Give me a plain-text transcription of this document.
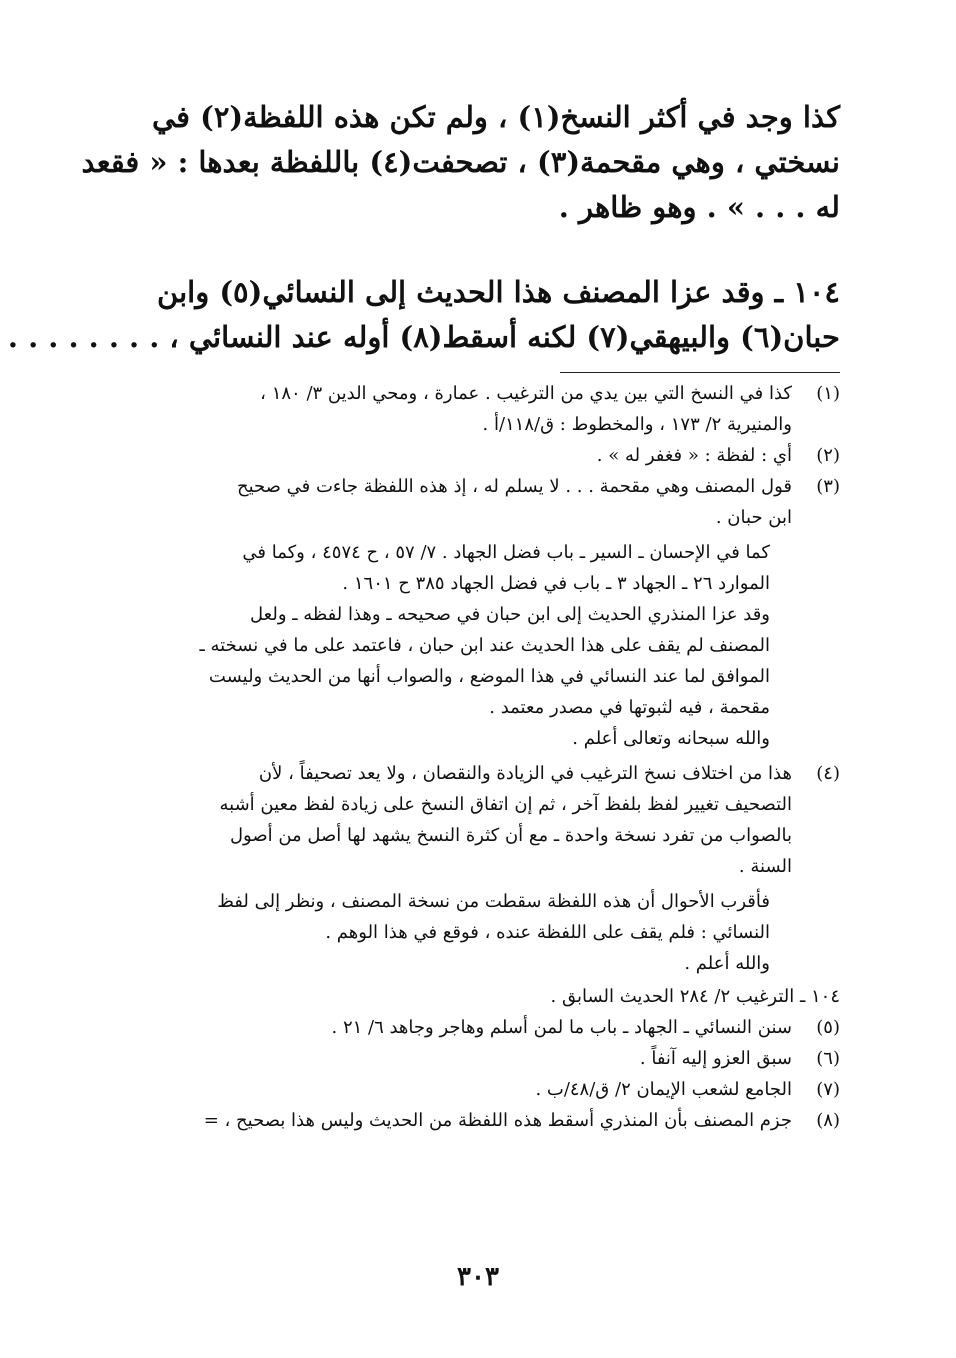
كذا وجد في أكثر النسخ(١) ، ولم تكن هذه اللفظة(٢) في
نسختي ، وهي مقحمة(٣) ، تصحفت(٤) باللفظة بعدها : « فقعد
له . . . » . وهو ظاهر .
١٠٤ ـ وقد عزا المصنف هذا الحديث إلى النسائي(٥) وابن
حبان(٦) والبيهقي(٧) لكنه أسقط(٨) أوله عند النسائي ، . . . . . . . .
(١)
كذا في النسخ التي بين يدي من الترغيب . عمارة ، ومحي الدين ٣/ ١٨٠ ،
والمنيرية ٢/ ١٧٣ ، والمخطوط : ق/١١٨/أ .
(٢)
أي : لفظة : « فغفر له » .
(٣)
قول المصنف وهي مقحمة . . . لا يسلم له ، إذ هذه اللفظة جاءت في صحيح
ابن حبان .
كما في الإحسان ـ السير ـ باب فضل الجهاد . ٧/ ٥٧ ، ح ٤٥٧٤ ، وكما في
الموارد ٢٦ ـ الجهاد ٣ ـ باب في فضل الجهاد ٣٨٥ ح ١٦٠١ .
وقد عزا المنذري الحديث إلى ابن حبان في صحيحه ـ وهذا لفظه ـ ولعل
المصنف لم يقف على هذا الحديث عند ابن حبان ، فاعتمد على ما في نسخته ـ
الموافق لما عند النسائي في هذا الموضع ، والصواب أنها من الحديث وليست
مقحمة ، فيه لثبوتها في مصدر معتمد .
والله سبحانه وتعالى أعلم .
(٤)
هذا من اختلاف نسخ الترغيب في الزيادة والنقصان ، ولا يعد تصحيفاً ، لأن
التصحيف تغيير لفظ بلفظ آخر ، ثم إن اتفاق النسخ على زيادة لفظ معين أشبه
بالصواب من تفرد نسخة واحدة ـ مع أن كثرة النسخ يشهد لها أصل من أصول
السنة .
فأقرب الأحوال أن هذه اللفظة سقطت من نسخة المصنف ، ونظر إلى لفظ
النسائي : فلم يقف على اللفظة عنده ، فوقع في هذا الوهم .
والله أعلم .
١٠٤ ـ الترغيب ٢/ ٢٨٤ الحديث السابق .
(٥)
سنن النسائي ـ الجهاد ـ باب ما لمن أسلم وهاجر وجاهد ٦/ ٢١ .
(٦)
سبق العزو إليه آنفاً .
(٧)
الجامع لشعب الإيمان ٢/ ق/٤٨/ب .
(٨)
جزم المصنف بأن المنذري أسقط هذه اللفظة من الحديث وليس هذا بصحيح ، =
٣٠٣
